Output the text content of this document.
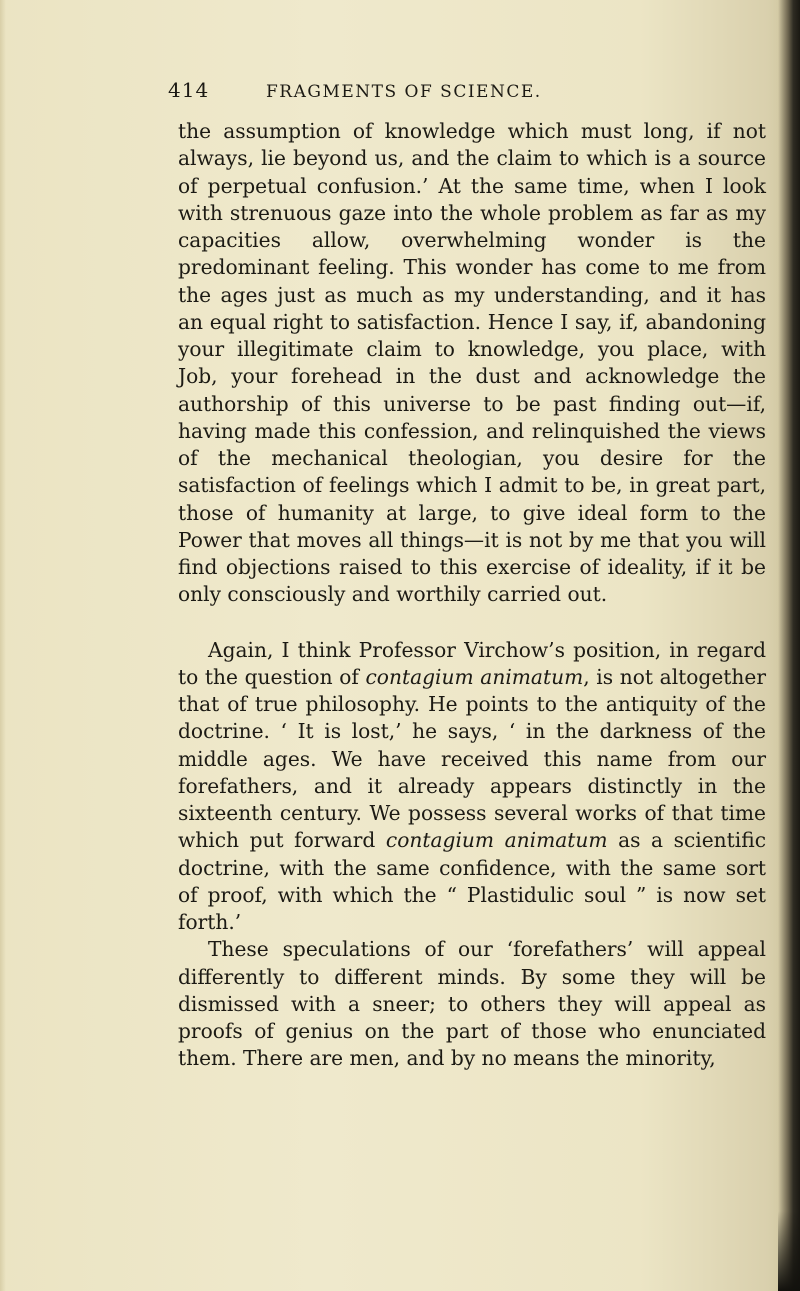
414	FRAGMENTS OF SCIENCE.

the assumption of knowledge which must long, if not always, lie beyond us, and the claim to which is a source of perpetual confusion.’ At the same time, when I look with strenuous gaze into the whole problem as far as my capacities allow, overwhelming wonder is the predominant feeling. This wonder has come to me from the ages just as much as my understanding, and it has an equal right to satisfaction. Hence I say, if, abandoning your illegitimate claim to knowledge, you place, with Job, your forehead in the dust and acknowledge the authorship of this universe to be past finding out—if, having made this confession, and relinquished the views of the mechanical theologian, you desire for the satisfaction of feelings which I admit to be, in great part, those of humanity at large, to give ideal form to the Power that moves all things—it is not by me that you will find objections raised to this exercise of ideality, if it be only consciously and worthily carried out.

Again, I think Professor Virchow’s position, in regard to the question of contagium animatum, is not altogether that of true philosophy. He points to the antiquity of the doctrine. ‘ It is lost,’ he says, ‘ in the darkness of the middle ages. We have received this name from our forefathers, and it already appears distinctly in the sixteenth century. We possess several works of that time which put forward contagium animatum as a scientific doctrine, with the same confidence, with the same sort of proof, with which the “ Plastidulic soul ” is now set forth.’

These speculations of our ‘forefathers’ will appeal differently to different minds. By some they will be dismissed with a sneer; to others they will appeal as proofs of genius on the part of those who enunciated them. There are men, and by no means the minority,
